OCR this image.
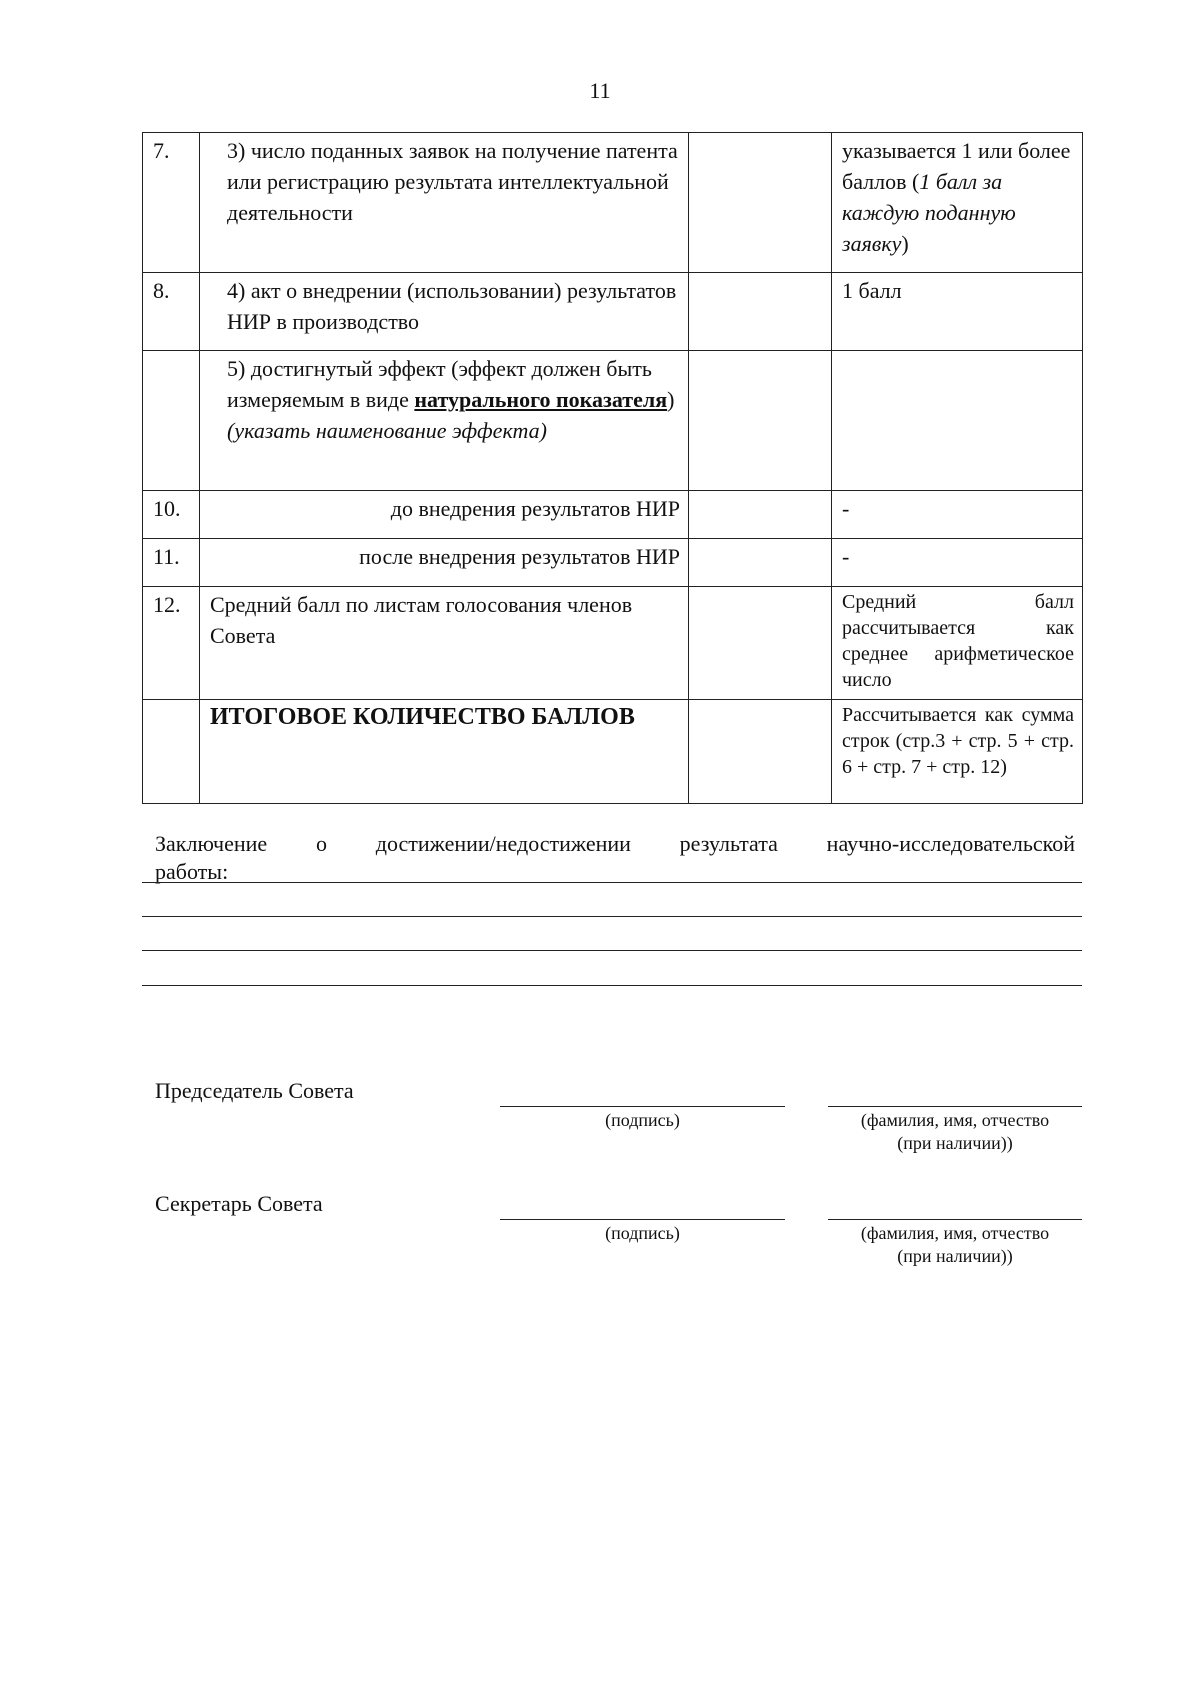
11
7.	3) число поданных заявок на получение патента или регистрацию результата интеллектуальной деятельности		указывается 1 или более баллов (1 балл за каждую поданную заявку)
8.	4) акт о внедрении (использовании) результатов НИР в производство		1 балл
	5) достигнутый эффект (эффект должен быть измеряемым в виде натурального показателя) (указать наименование эффекта)		
10.	до внедрения результатов НИР		-
11.	после внедрения результатов НИР		-
12.	Средний балл по листам голосования членов Совета		Средний балл рассчитывается как среднее арифметическое число
	ИТОГОВОЕ КОЛИЧЕСТВО БАЛЛОВ		Рассчитывается как сумма строк (стр.3 + стр. 5 + стр. 6 + стр. 7 + стр. 12)
Заключение о достижении/недостижении результата научно-исследовательской
работы:
Председатель Совета
(подпись)	(фамилия, имя, отчество
(при наличии))
Секретарь Совета
(подпись)	(фамилия, имя, отчество
(при наличии))
